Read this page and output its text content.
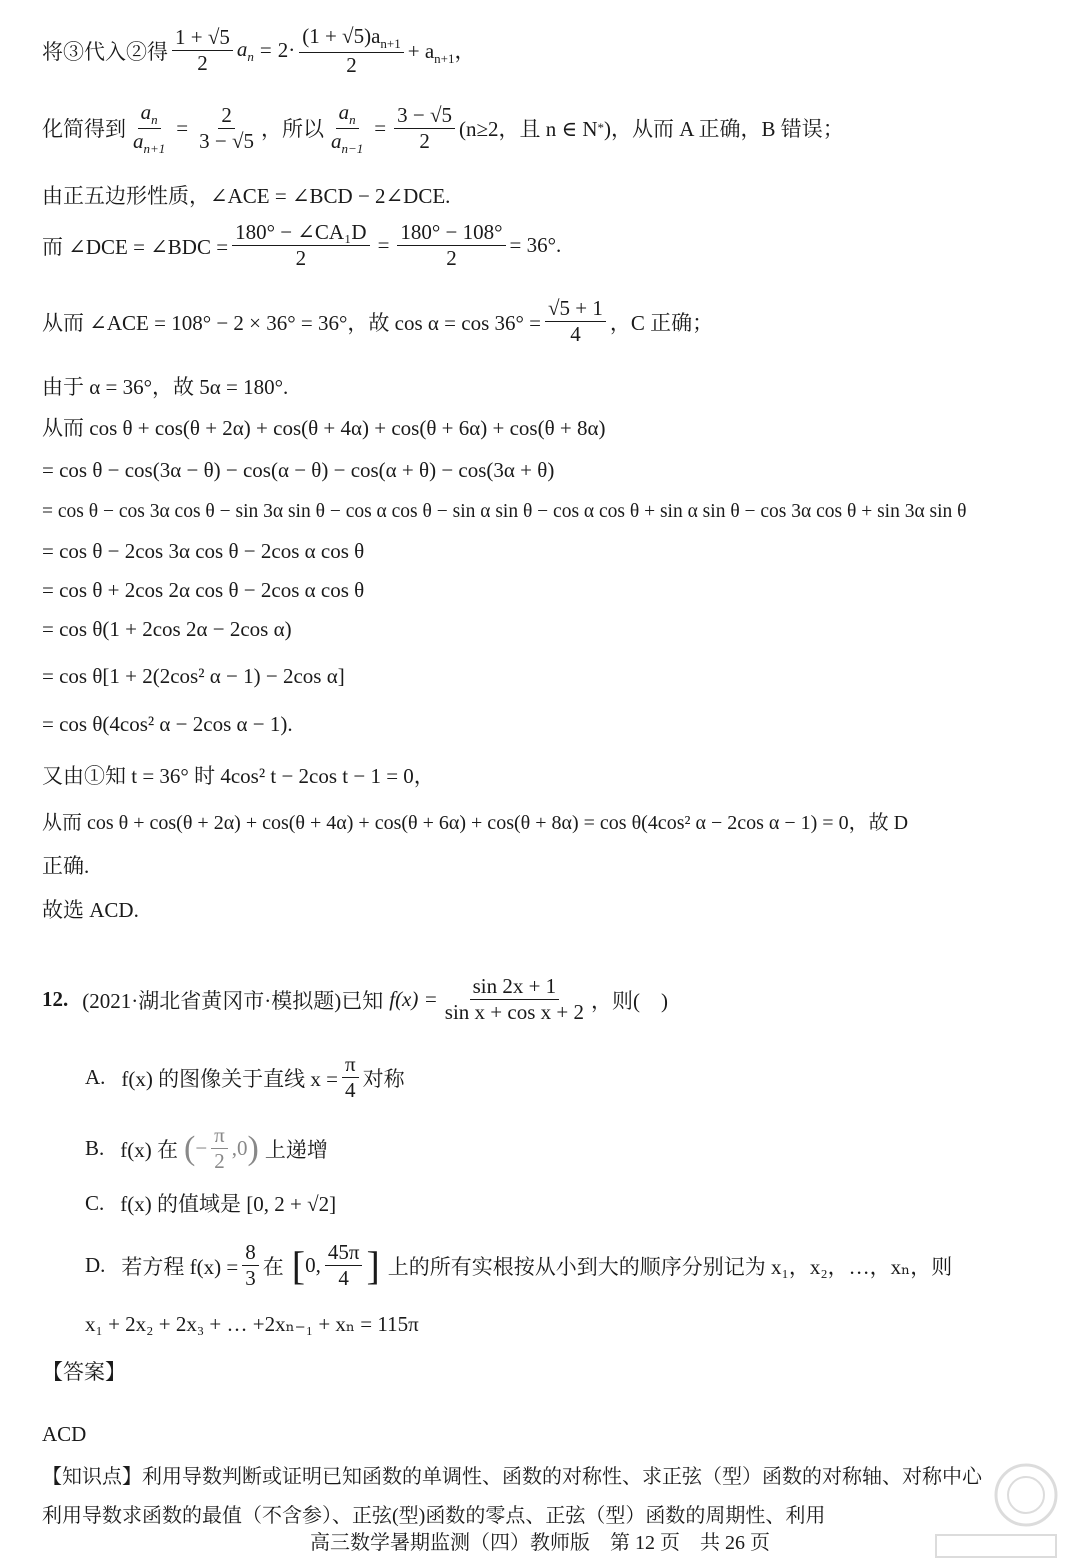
将③代入②得 $\frac{1 + √5}{2} a_n = 2\cdot \frac{(1 + √5)a_{n+1}}{2} + a_{n+1}$，
化简得到 $\frac{a_n}{a_{n+1}} = \frac{2}{3 - √5}$ ，所以 $\frac{a_n}{a_{n-1}} = \frac{3 - √5}{2} (n\ge 2$，且 n ∈ N * )，从而 A 正确，B 错误；
由正五边形性质，∠ACE = ∠BCD − 2∠DCE.
而 ∠DCE = ∠BDC = $\frac{\text{180° − ∠CA₁D}}{2} = \frac{180^\circ - 108^\circ}{2} = 36^\circ$.
从而 ∠ACE = 108° − 2 × 36° = 36°，故 $\cos \alpha = \cos 36^\circ = \frac{√5 + 1}{4}$ ，C 正确；
由于 α = 36°，故 5α = 180°.
从而 cos θ + cos(θ + 2α) + cos(θ + 4α) + cos(θ + 6α) + cos(θ + 8α)
= cos θ − cos(3α − θ) − cos(α − θ) − cos(α + θ) − cos(3α + θ)
= cos θ − cos 3α cos θ − sin 3α sin θ − cos α cos θ − sin α sin θ − cos α cos θ + sin α sin θ − cos 3α cos θ + sin 3α sin θ
= cos θ − 2cos 3α cos θ − 2cos α cos θ
= cos θ + 2cos 2α cos θ − 2cos α cos θ
= cos θ(1 + 2cos 2α − 2cos α)
= cos θ[1 + 2(2cos² α − 1) − 2cos α]
= cos θ(4cos² α − 2cos α − 1).
又由①知 t = 36° 时 4cos² t − 2cos t − 1 = 0，
从而 cos θ + cos(θ + 2α) + cos(θ + 4α) + cos(θ + 6α) + cos(θ + 8α) = cos θ(4cos² α − 2cos α − 1) = 0，故 D
正确.
故选 ACD.
12. (2021·湖北省黄冈市·模拟题)已知 $f(x) = \frac{\sin 2x + 1}{\text{sin x + cos x + 2}}$ ，则(　)
A. f(x) 的图像关于直线 $x = \frac{\pi}{4}$ 对称
B. f(x) 在 ( − $\frac{\pi}{2} ,0$ ) 上递增
C. f(x) 的值域是 [0, 2 + √2]
D. 若方程 $f(x) = \frac{8}{3}$ 在 [ 0, $\frac{45\pi}{4}$ ] 上的所有实根按从小到大的顺序分别记为 x₁，x₂，…，xₙ，则
x₁ + 2x₂ + 2x₃ + … +2xₙ₋₁ + xₙ = 115π
【答案】
ACD
【知识点】利用导数判断或证明已知函数的单调性、函数的对称性、求正弦（型）函数的对称轴、对称中心
利用导数求函数的最值（不含参）、正弦(型)函数的零点、正弦（型）函数的周期性、利用
高三数学暑期监测（四）教师版　第 12 页　共 26 页
